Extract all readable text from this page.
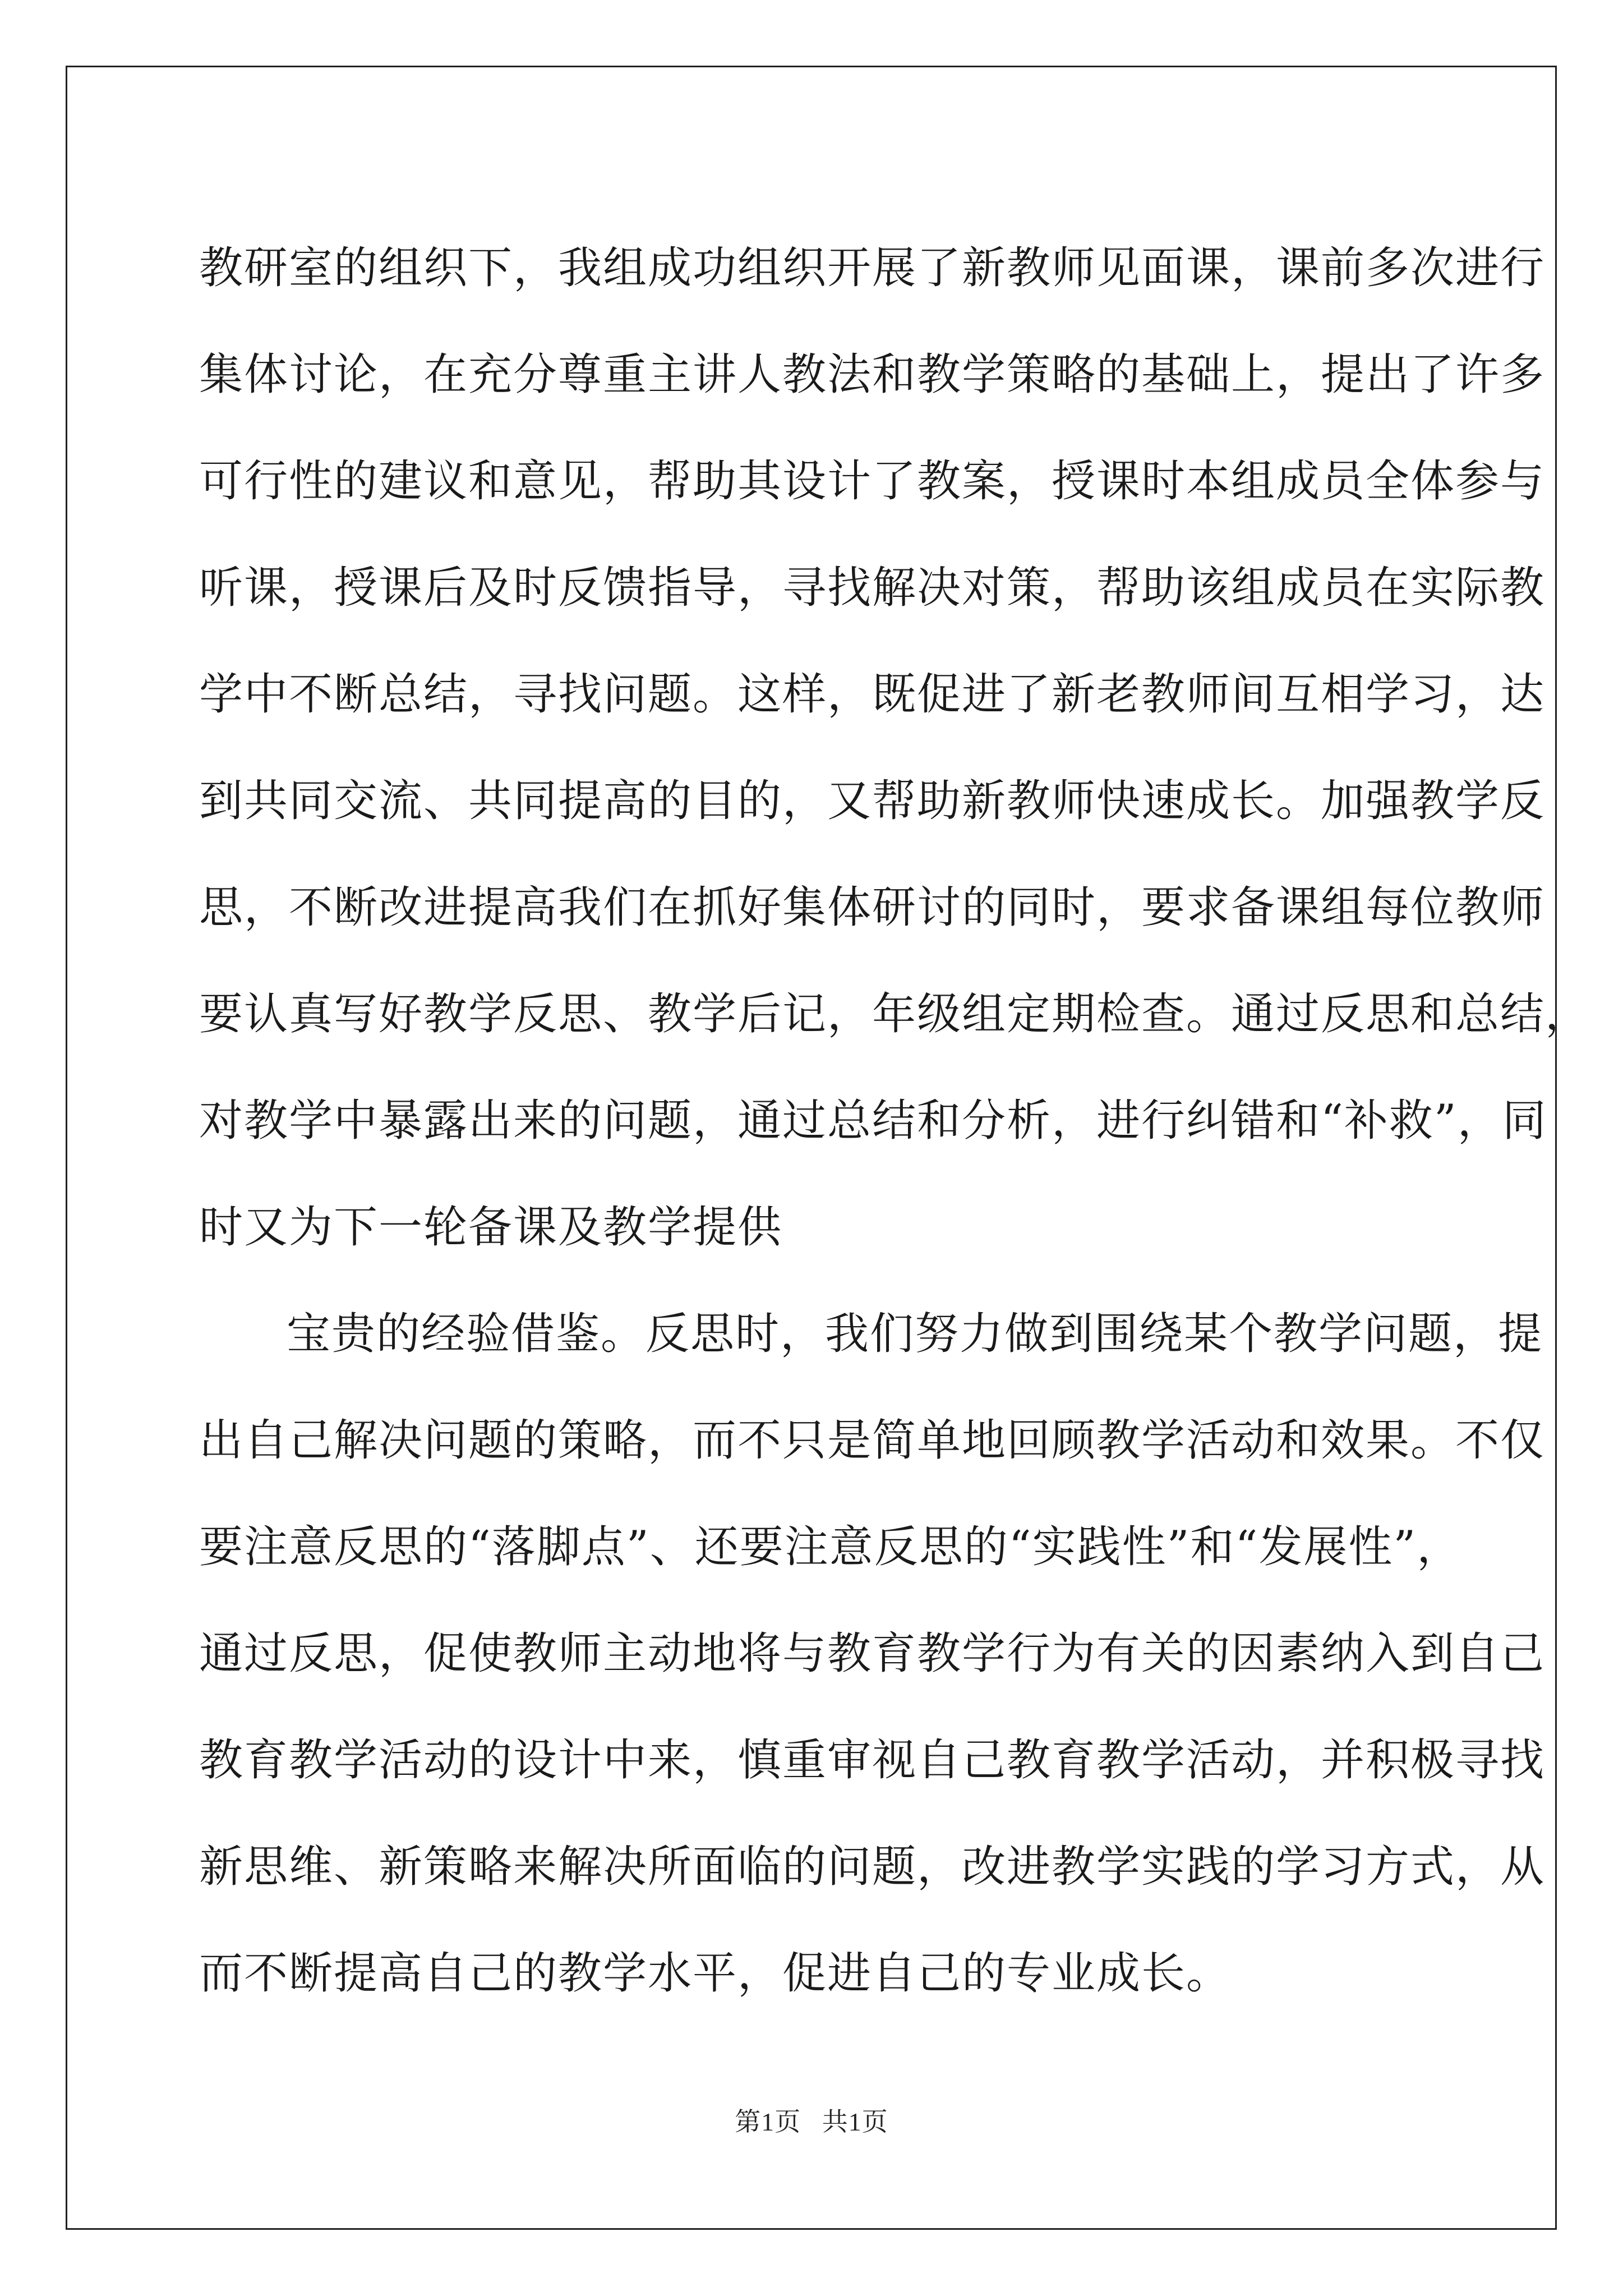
教研室的组织下，我组成功组织开展了新教师见面课，课前多次进行
集体讨论，在充分尊重主讲人教法和教学策略的基础上，提出了许多
可行性的建议和意见，帮助其设计了教案，授课时本组成员全体参与
听课，授课后及时反馈指导，寻找解决对策，帮助该组成员在实际教
学中不断总结，寻找问题。这样，既促进了新老教师间互相学习，达
到共同交流、共同提高的目的，又帮助新教师快速成长。加强教学反
思，不断改进提高我们在抓好集体研讨的同时，要求备课组每位教师
要认真写好教学反思、教学后记，年级组定期检查。通过反思和总结，
对教学中暴露出来的问题，通过总结和分析，进行纠错和“补救”，同
时又为下一轮备课及教学提供
宝贵的经验借鉴。反思时，我们努力做到围绕某个教学问题，提
出自己解决问题的策略，而不只是简单地回顾教学活动和效果。不仅
要注意反思的“落脚点”、还要注意反思的“实践性”和“发展性”，
通过反思，促使教师主动地将与教育教学行为有关的因素纳入到自己
教育教学活动的设计中来，慎重审视自己教育教学活动，并积极寻找
新思维、新策略来解决所面临的问题，改进教学实践的学习方式，从
而不断提高自己的教学水平，促进自己的专业成长。
第1页 共1页
